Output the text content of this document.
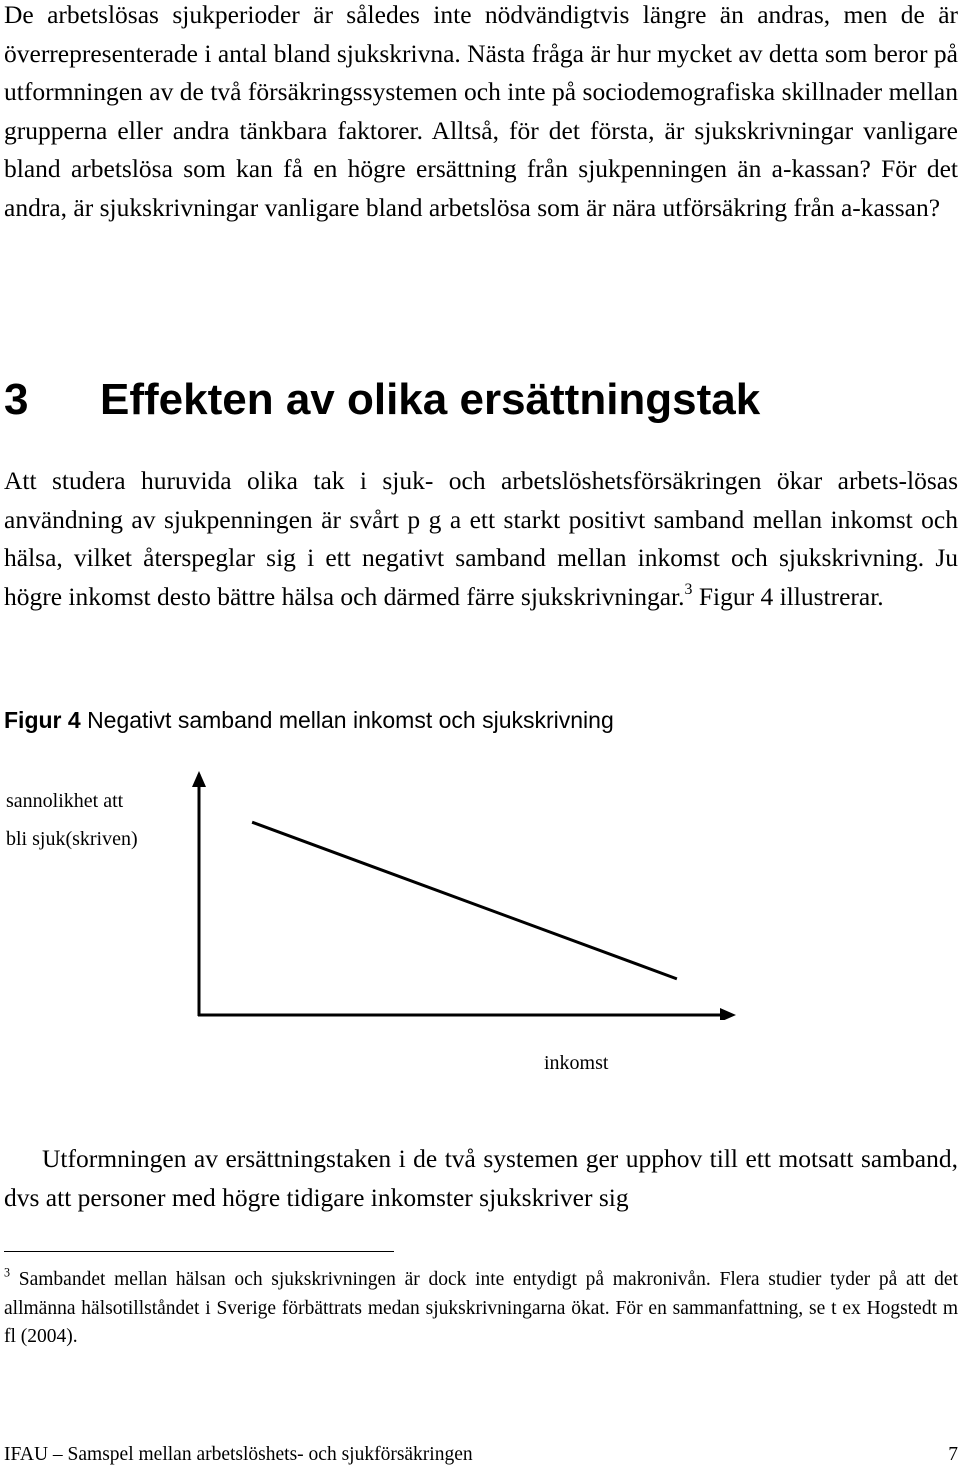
De arbetslösas sjukperioder är således inte nödvändigtvis längre än andras, men de är överrepresenterade i antal bland sjukskrivna. Nästa fråga är hur mycket av detta som beror på utformningen av de två försäkringssystemen och inte på sociodemografiska skillnader mellan grupperna eller andra tänkbara faktorer. Alltså, för det första, är sjukskrivningar vanligare bland arbetslösa som kan få en högre ersättning från sjukpenningen än a-kassan? För det andra, är sjukskrivningar vanligare bland arbetslösa som är nära utförsäkring från a-kassan?

3 Effekten av olika ersättningstak

Att studera huruvida olika tak i sjuk- och arbetslöshetsförsäkringen ökar arbets-lösas användning av sjukpenningen är svårt p g a ett starkt positivt samband mellan inkomst och hälsa, vilket återspeglar sig i ett negativt samband mellan inkomst och sjukskrivning. Ju högre inkomst desto bättre hälsa och därmed färre sjukskrivningar.$^3$ Figur 4 illustrerar.

Figur 4 Negativt samband mellan inkomst och sjukskrivning

sannolikhet att
bli sjuk(skriven)

inkomst

Utformningen av ersättningstaken i de två systemen ger upphov till ett motsatt samband, dvs att personer med högre tidigare inkomster sjukskriver sig

$^3$ Sambandet mellan hälsan och sjukskrivningen är dock inte entydigt på makronivån. Flera studier tyder på att det allmänna hälsotillståndet i Sverige förbättrats medan sjukskrivningarna ökat. För en sammanfattning, se t ex Hogstedt m fl (2004).

IFAU – Samspel mellan arbetslöshets- och sjukförsäkringen	7
